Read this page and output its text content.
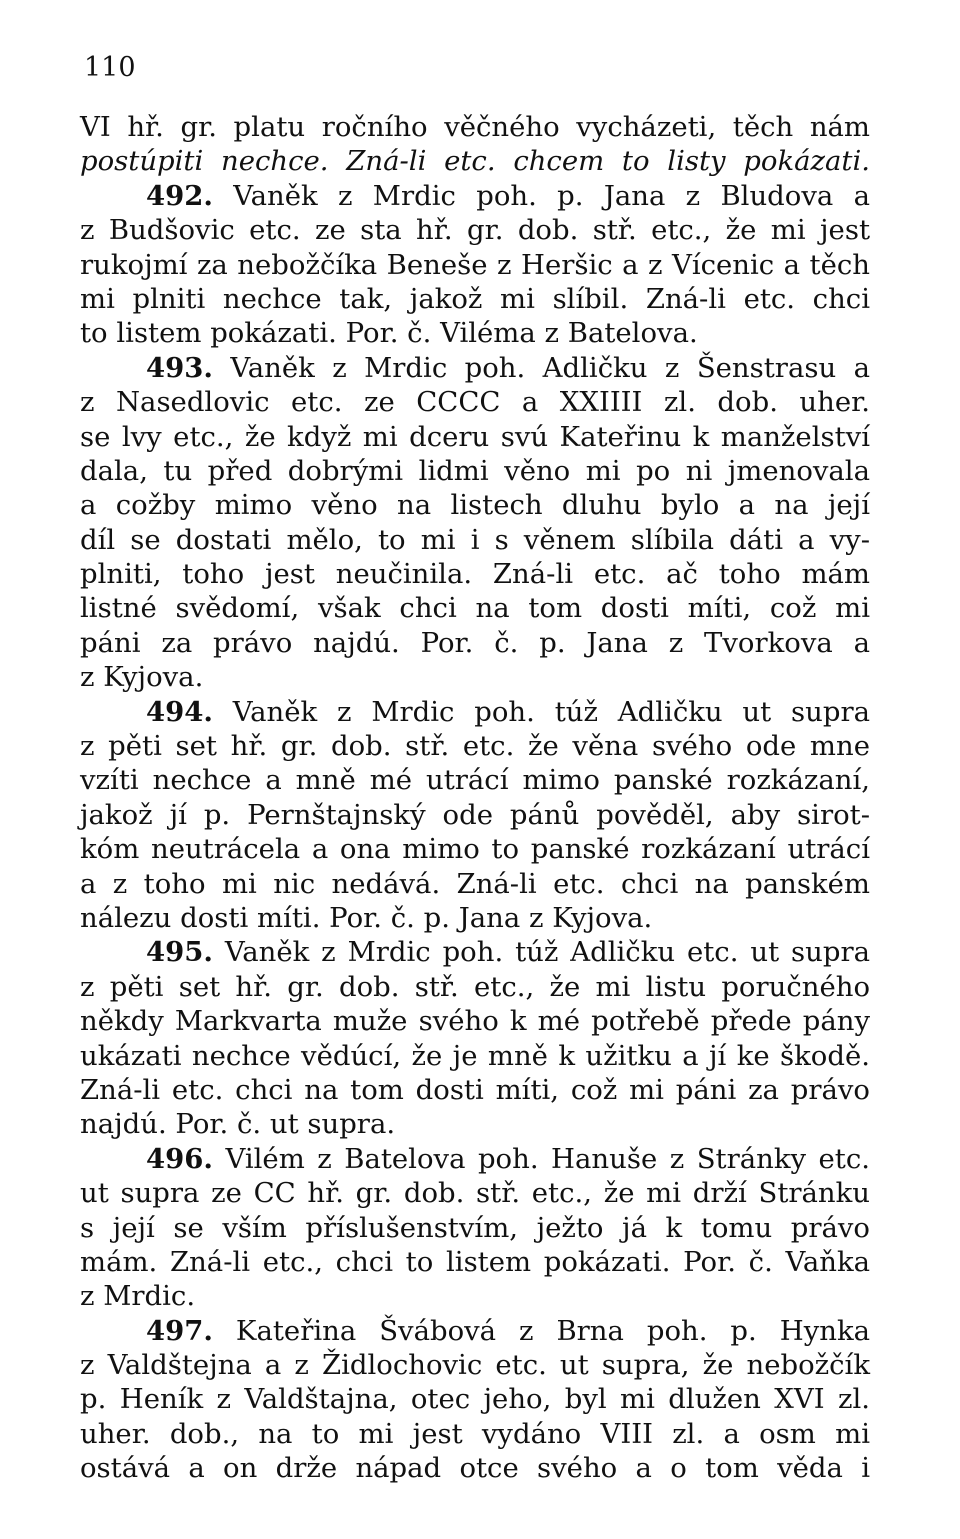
110
VI hř. gr. platu ročního věčného vycházeti, těch nám
postúpiti nechce. Zná-li etc. chcem to listy pokázati.
492. Vaněk z Mrdic poh. p. Jana z Bludova a
z Budšovic etc. ze sta hř. gr. dob. stř. etc., že mi jest
rukojmí za nebožčíka Beneše z Heršic a z Vícenic a těch
mi plniti nechce tak, jakož mi slíbil. Zná-li etc. chci
to listem pokázati. Por. č. Viléma z Batelova.
493. Vaněk z Mrdic poh. Adličku z Šenstrasu a
z Nasedlovic etc. ze CCCC a XXIIII zl. dob. uher.
se lvy etc., že když mi dceru svú Kateřinu k manželství
dala, tu před dobrými lidmi věno mi po ni jmenovala
a cožby mimo věno na listech dluhu bylo a na její
díl se dostati mělo, to mi i s věnem slíbila dáti a vy-
plniti, toho jest neučinila. Zná-li etc. ač toho mám
listné svědomí, však chci na tom dosti míti, což mi
páni za právo najdú. Por. č. p. Jana z Tvorkova a
z Kyjova.
494. Vaněk z Mrdic poh. túž Adličku ut supra
z pěti set hř. gr. dob. stř. etc. že věna svého ode mne
vzíti nechce a mně mé utrácí mimo panské rozkázaní,
jakož jí p. Pernštajnský ode pánů pověděl, aby sirot-
kóm neutrácela a ona mimo to panské rozkázaní utrácí
a z toho mi nic nedává. Zná-li etc. chci na panském
nálezu dosti míti. Por. č. p. Jana z Kyjova.
495. Vaněk z Mrdic poh. túž Adličku etc. ut supra
z pěti set hř. gr. dob. stř. etc., že mi listu poručného
někdy Markvarta muže svého k mé potřebě přede pány
ukázati nechce vědúcí, že je mně k užitku a jí ke škodě.
Zná-li etc. chci na tom dosti míti, což mi páni za právo
najdú. Por. č. ut supra.
496. Vilém z Batelova poh. Hanuše z Stránky etc.
ut supra ze CC hř. gr. dob. stř. etc., že mi drží Stránku
s její se vším příslušenstvím, ježto já k tomu právo
mám. Zná-li etc., chci to listem pokázati. Por. č. Vaňka
z Mrdic.
497. Kateřina Švábová z Brna poh. p. Hynka
z Valdštejna a z Židlochovic etc. ut supra, že nebožčík
p. Heník z Valdštajna, otec jeho, byl mi dlužen XVI zl.
uher. dob., na to mi jest vydáno VIII zl. a osm mi
ostává a on drže nápad otce svého a o tom věda i
